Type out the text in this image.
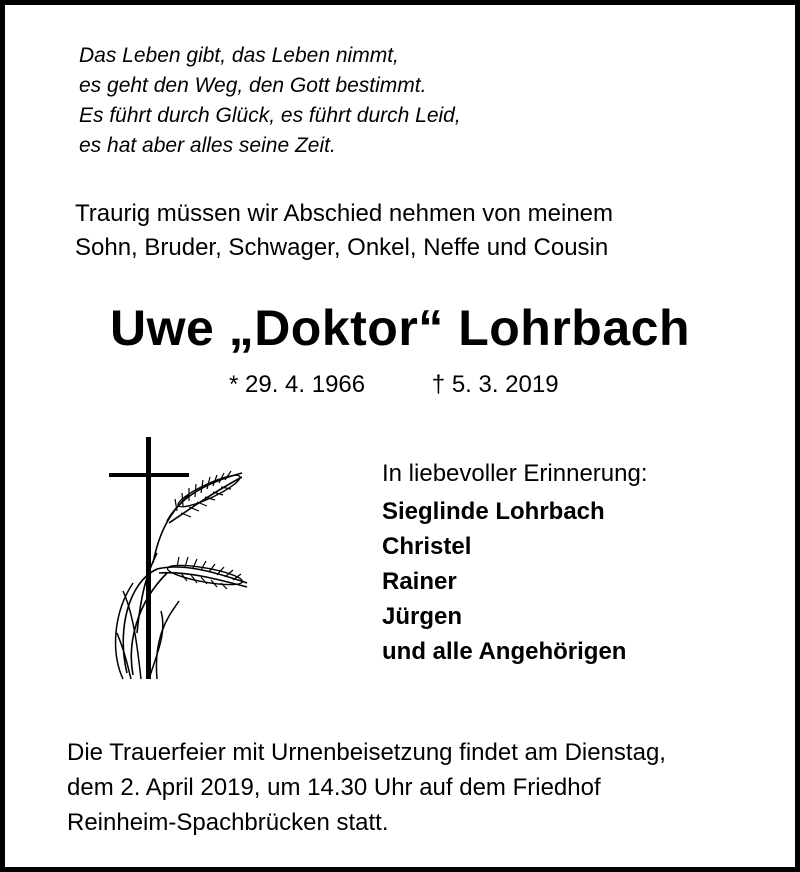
Das Leben gibt, das Leben nimmt,
es geht den Weg, den Gott bestimmt.
Es führt durch Glück, es führt durch Leid,
es hat aber alles seine Zeit.
Traurig müssen wir Abschied nehmen von meinem
Sohn, Bruder, Schwager, Onkel, Neffe und Cousin
Uwe „Doktor“ Lohrbach
* 29. 4. 1966	† 5. 3. 2019
In liebevoller Erinnerung:
Sieglinde Lohrbach
Christel
Rainer
Jürgen
und alle Angehörigen
Die Trauerfeier mit Urnenbeisetzung findet am Dienstag,
dem 2. April 2019, um 14.30 Uhr auf dem Friedhof
Reinheim-Spachbrücken statt.
